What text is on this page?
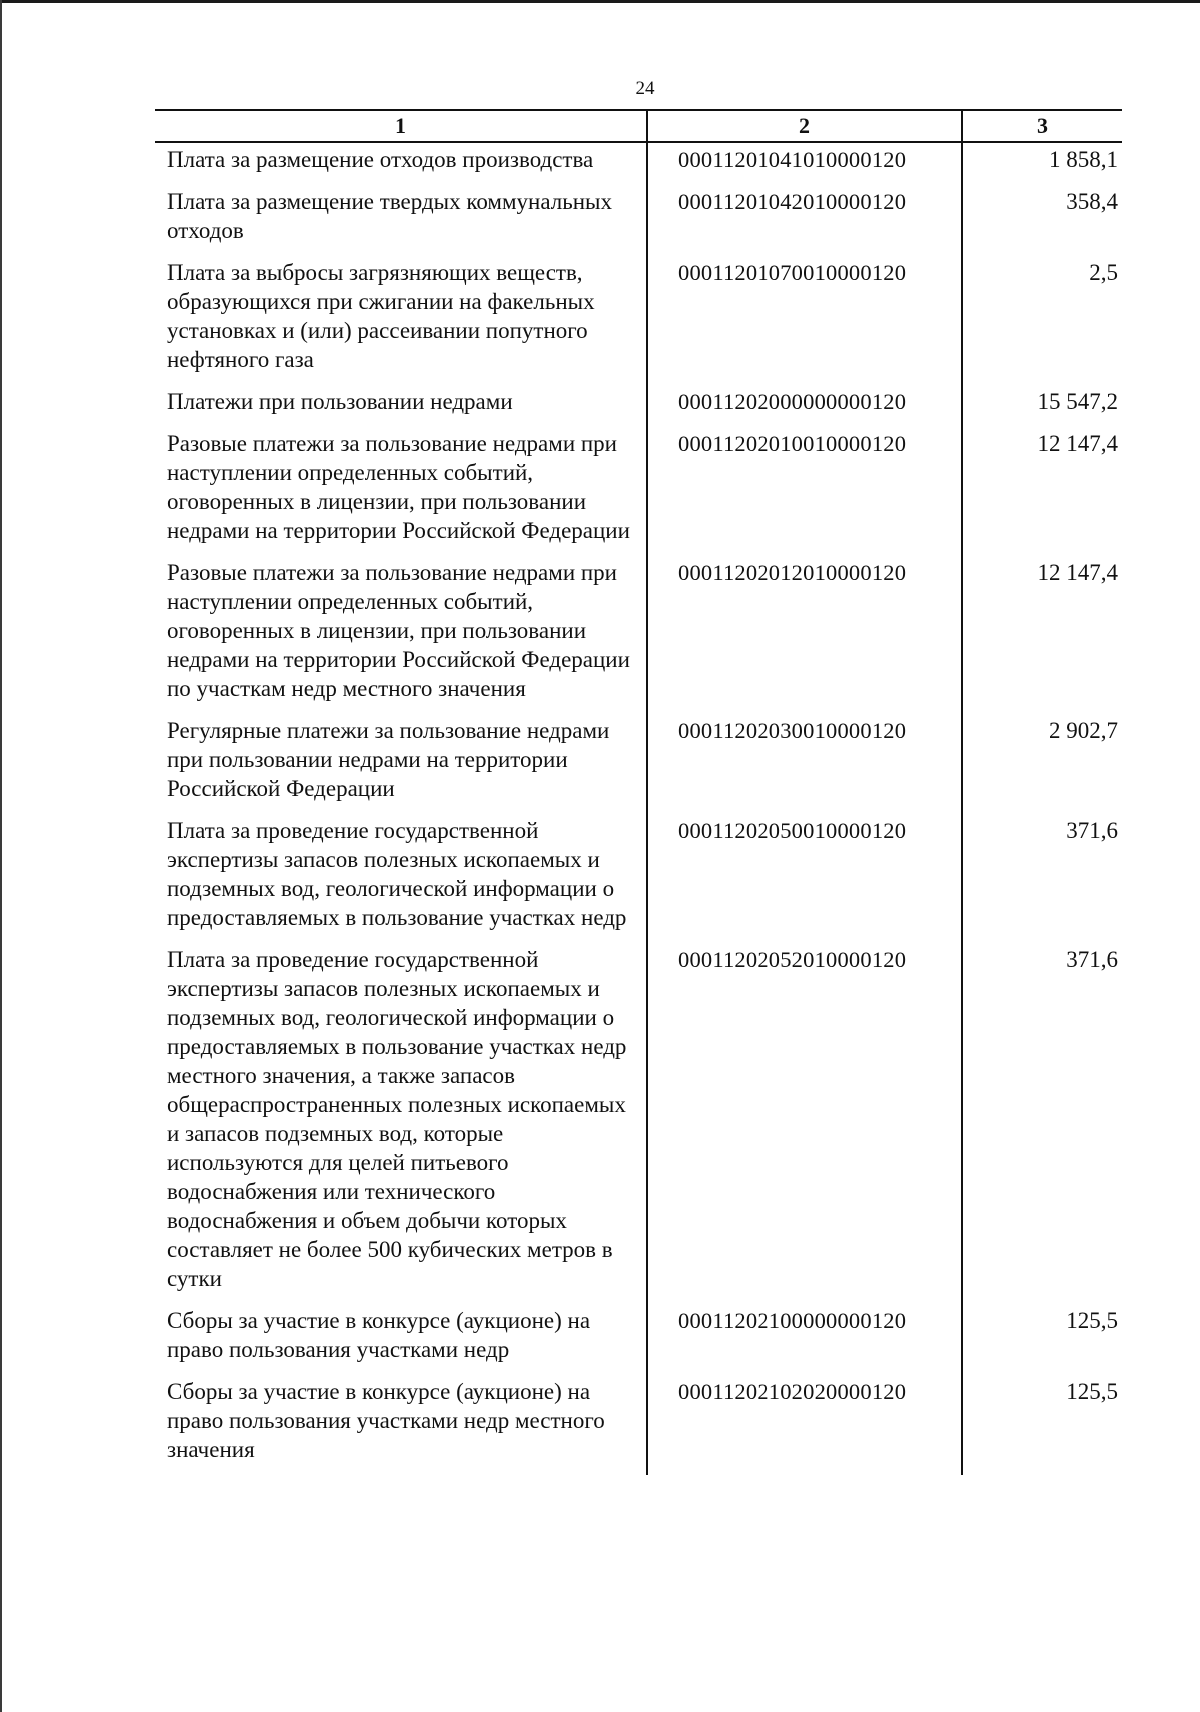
24
1	2	3
Плата за размещение отходов производства	00011201041010000120	1 858,1
Плата за размещение твердых коммунальных отходов	00011201042010000120	358,4
Плата за выбросы загрязняющих веществ, образующихся при сжигании на факельных установках и (или) рассеивании попутного нефтяного газа	00011201070010000120	2,5
Платежи при пользовании недрами	00011202000000000120	15 547,2
Разовые платежи за пользование недрами при наступлении определенных событий, оговоренных в лицензии, при пользовании недрами на территории Российской Федерации	00011202010010000120	12 147,4
Разовые платежи за пользование недрами при наступлении определенных событий, оговоренных в лицензии, при пользовании недрами на территории Российской Федерации по участкам недр местного значения	00011202012010000120	12 147,4
Регулярные платежи за пользование недрами при пользовании недрами на территории Российской Федерации	00011202030010000120	2 902,7
Плата за проведение государственной экспертизы запасов полезных ископаемых и подземных вод, геологической информации о предоставляемых в пользование участках недр	00011202050010000120	371,6
Плата за проведение государственной экспертизы запасов полезных ископаемых и подземных вод, геологической информации о предоставляемых в пользование участках недр местного значения, а также запасов общераспространенных полезных ископаемых и запасов подземных вод, которые используются для целей питьевого водоснабжения или технического водоснабжения и объем добычи которых составляет не более 500 кубических метров в сутки	00011202052010000120	371,6
Сборы за участие в конкурсе (аукционе) на право пользования участками недр	00011202100000000120	125,5
Сборы за участие в конкурсе (аукционе) на право пользования участками недр местного значения	00011202102020000120	125,5
